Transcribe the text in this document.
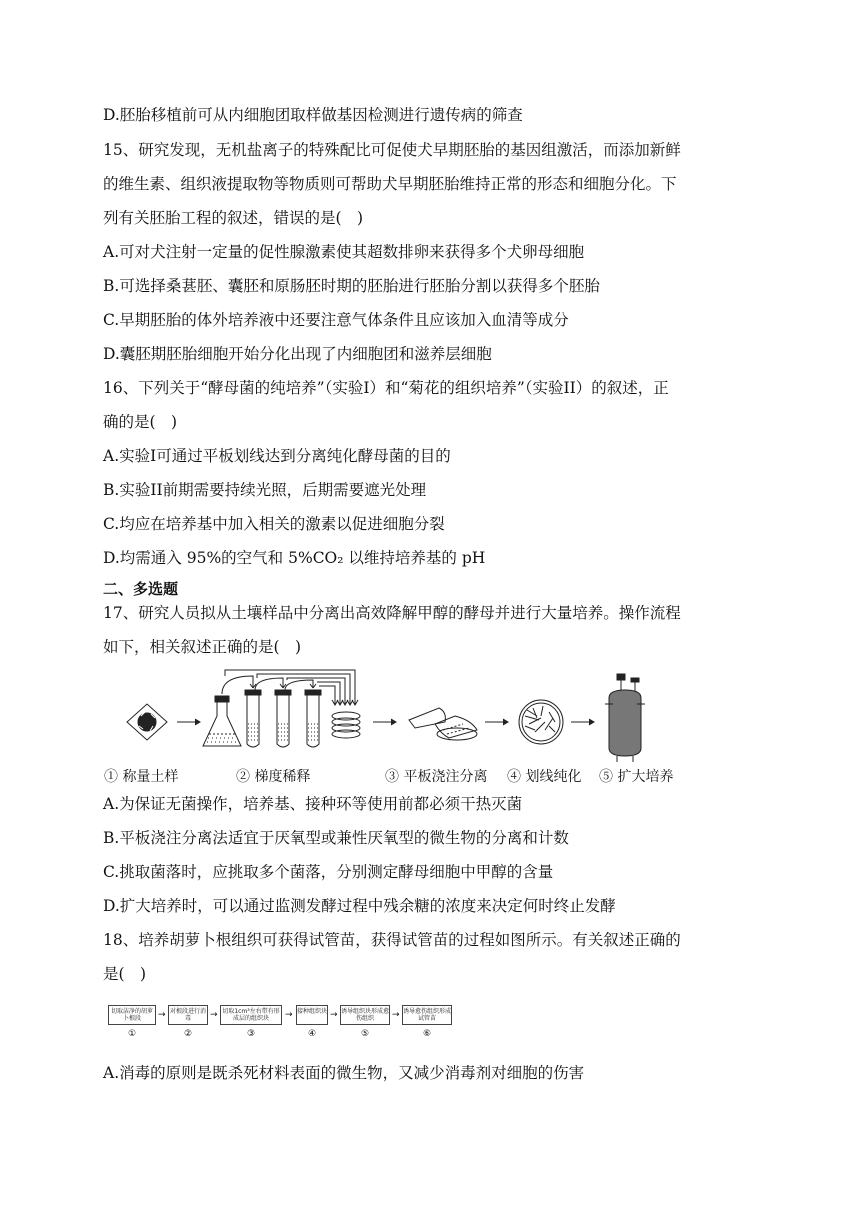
D.胚胎移植前可从内细胞团取样做基因检测进行遗传病的筛查
15、研究发现，无机盐离子的特殊配比可促使犬早期胚胎的基因组激活，而添加新鲜
的维生素、组织液提取物等物质则可帮助犬早期胚胎维持正常的形态和细胞分化。下
列有关胚胎工程的叙述，错误的是(　)
A.可对犬注射一定量的促性腺激素使其超数排卵来获得多个犬卵母细胞
B.可选择桑葚胚、囊胚和原肠胚时期的胚胎进行胚胎分割以获得多个胚胎
C.早期胚胎的体外培养液中还要注意气体条件且应该加入血清等成分
D.囊胚期胚胎细胞开始分化出现了内细胞团和滋养层细胞
16、下列关于“酵母菌的纯培养”（实验I）和“菊花的组织培养”（实验II）的叙述，正
确的是(　)
A.实验I可通过平板划线达到分离纯化酵母菌的目的
B.实验II前期需要持续光照，后期需要遮光处理
C.均应在培养基中加入相关的激素以促进细胞分裂
D.均需通入 95%的空气和 5%CO₂ 以维持培养基的 pH
二、多选题
17、研究人员拟从土壤样品中分离出高效降解甲醇的酵母并进行大量培养。操作流程
如下，相关叙述正确的是(　)
① 称量土样	② 梯度稀释	③ 平板浇注分离 ④ 划线纯化 ⑤ 扩大培养
A.为保证无菌操作，培养基、接种环等使用前都必须干热灭菌
B.平板浇注分离法适宜于厌氧型或兼性厌氧型的微生物的分离和计数
C.挑取菌落时，应挑取多个菌落，分别测定酵母细胞中甲醇的含量
D.扩大培养时，可以通过监测发酵过程中残余糖的浓度来决定何时终止发酵
18、培养胡萝卜根组织可获得试管苗，获得试管苗的过程如图所示。有关叙述正确的
是(　)
切取洁净的胡萝卜根段	→ 对根段进行消毒	→ 切取1cm³左右带有形成层的组织块	→ 接种组织块 → 诱导组织块形成愈伤组织	→ 诱导愈伤组织形成试管苗
①	②	③	④	⑤	⑥
A.消毒的原则是既杀死材料表面的微生物，又减少消毒剂对细胞的伤害
